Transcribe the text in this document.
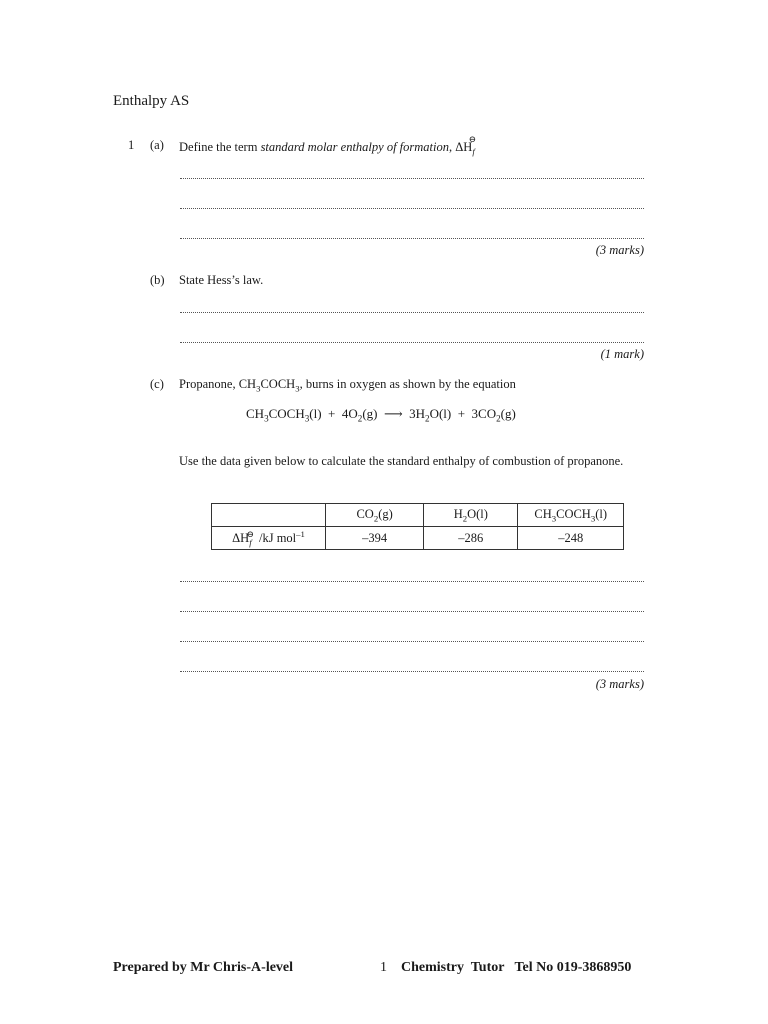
Enthalpy AS
1 (a) Define the term standard molar enthalpy of formation, $\Delta H_f^⊖$
(3 marks)
(b) State Hess’s law.
(1 mark)
(c) Propanone, $CH_3COCH_3$, burns in oxygen as shown by the equation
$CH_3COCH_3(l) + 4O_2(g)$  ⟶  $3H_2O(l) + 3CO_2(g)$
Use the data given below to calculate the standard enthalpy of combustion of propanone.
	$CO_2(g)$	$H_2O(l)$	$CH_3COCH_3(l)$
$\Delta H_f^⊖$ /kJ mol$^{-1}$	–394	–286	–248
(3 marks)
Prepared by Mr Chris-A-level	1 Chemistry  Tutor   Tel No 019-3868950
